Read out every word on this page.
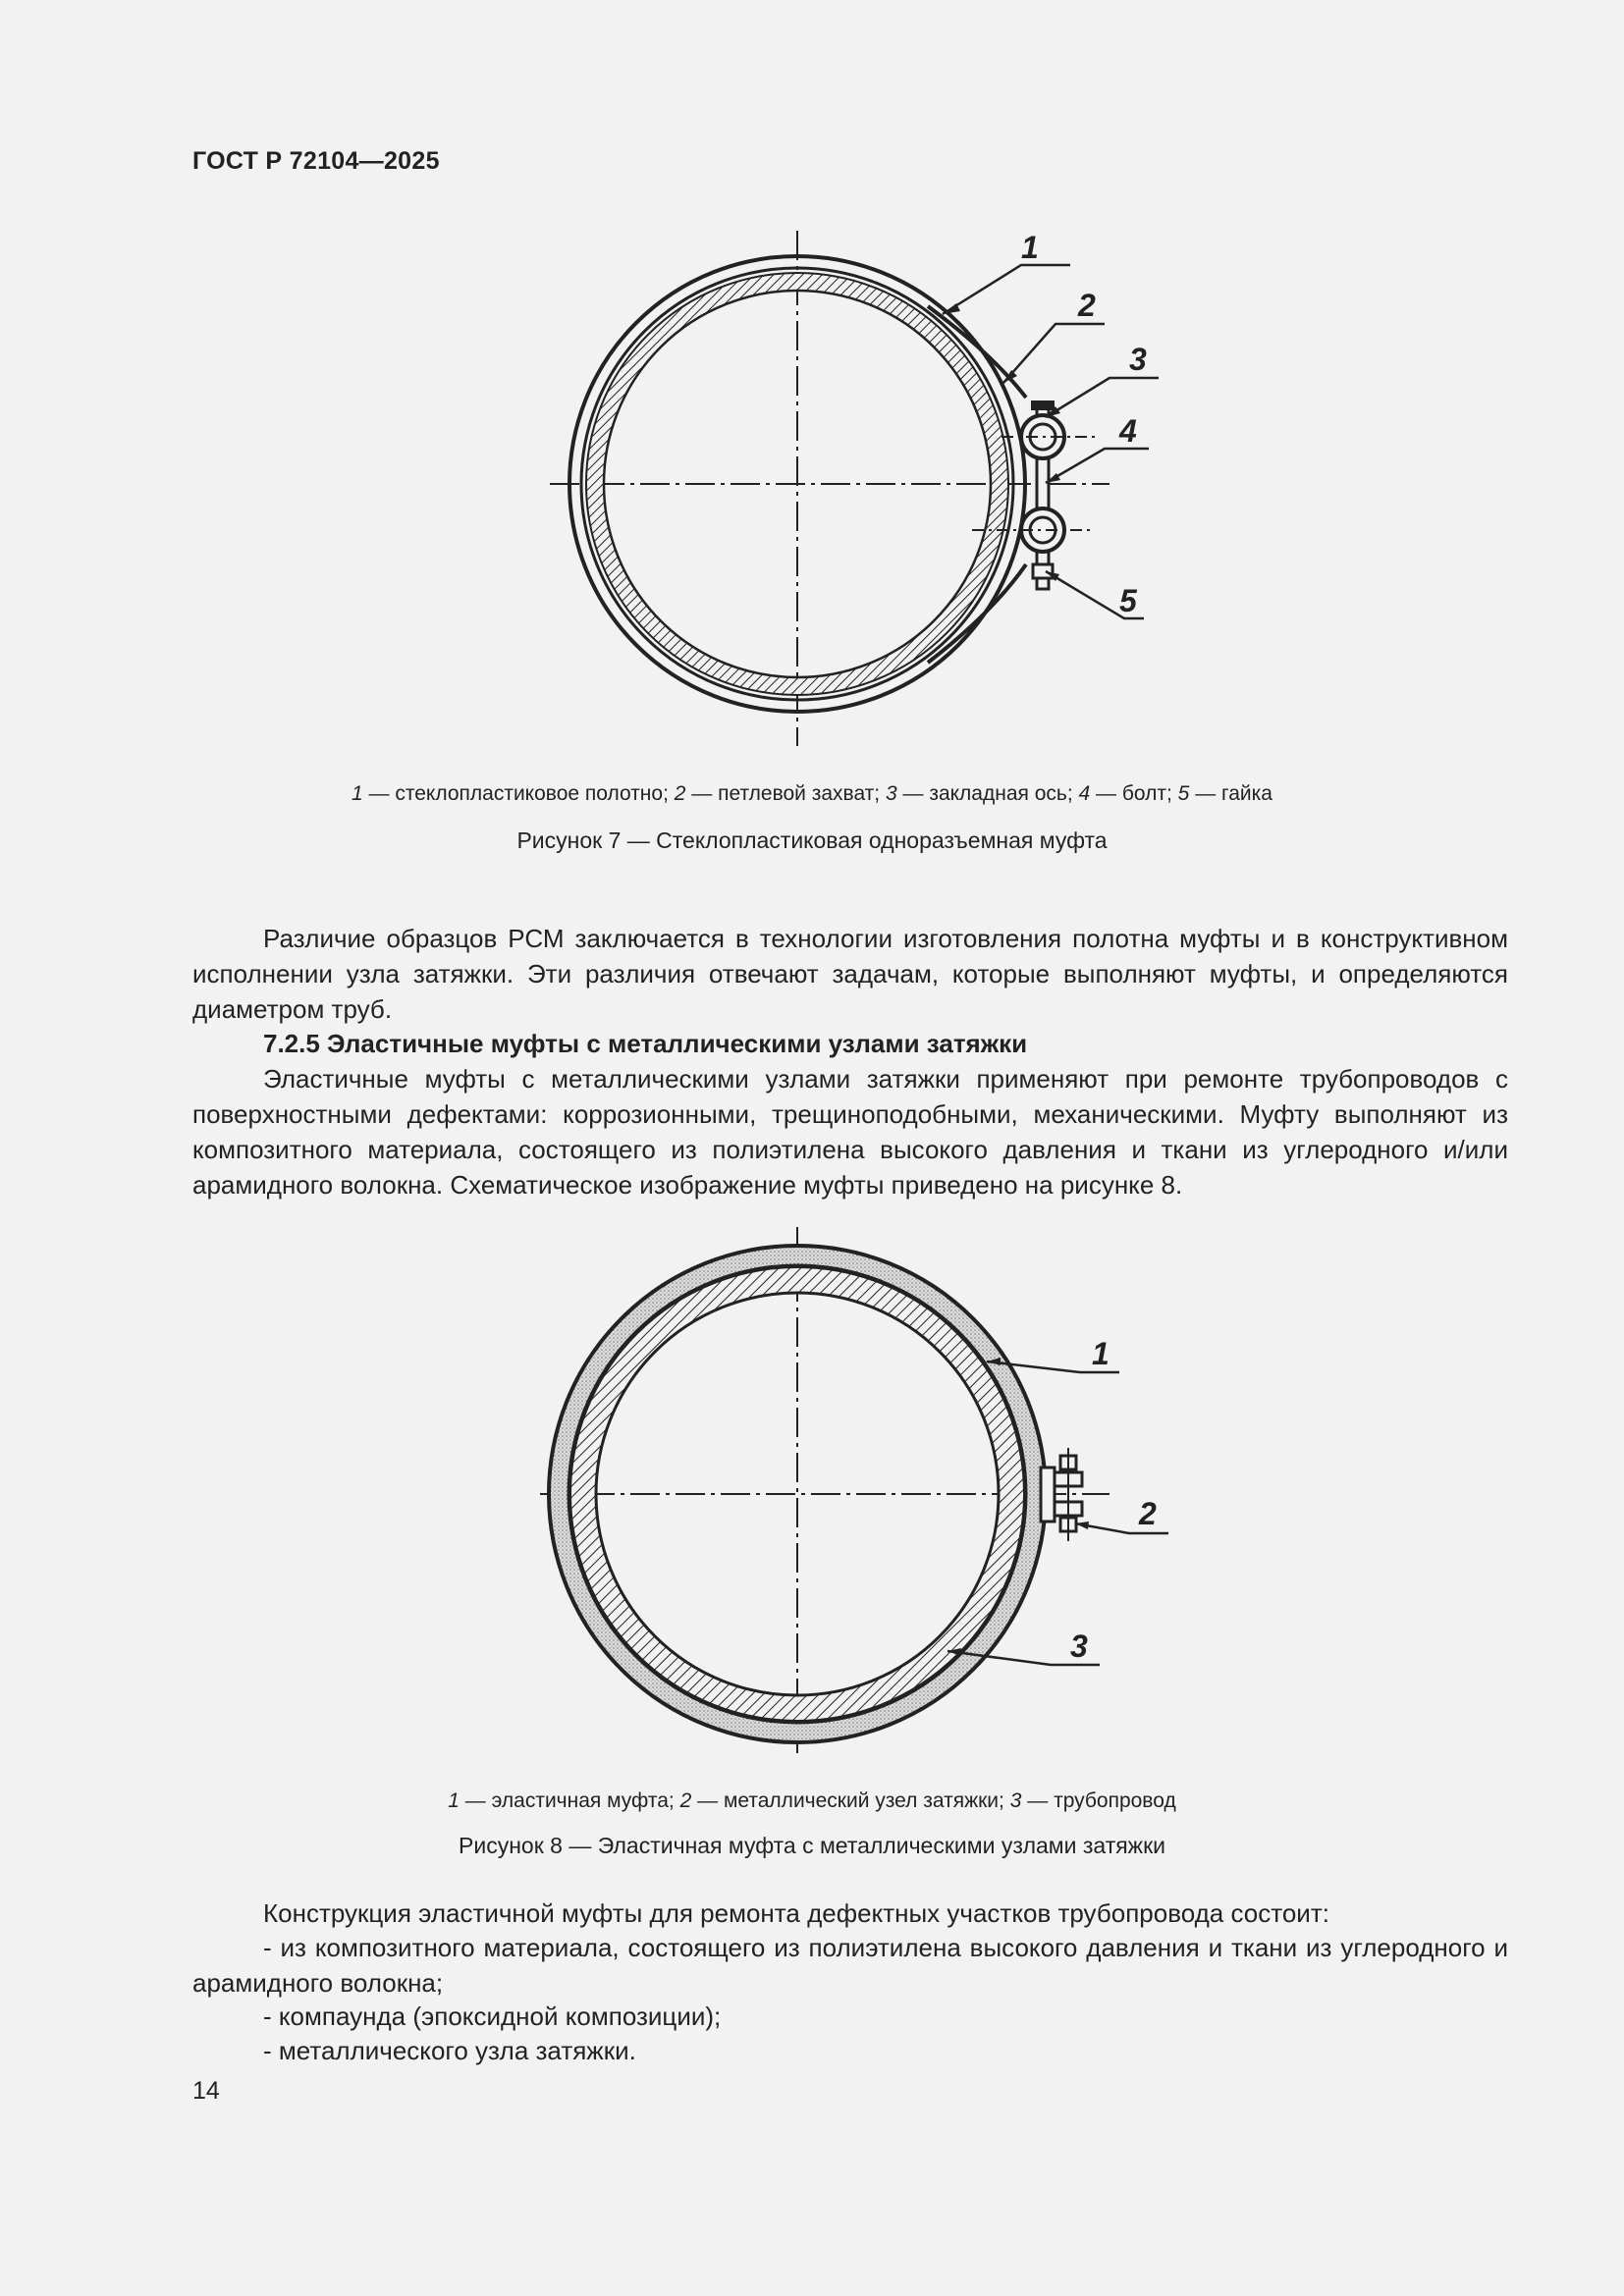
ГОСТ Р 72104—2025
1
2
3
4
5
1 — стеклопластиковое полотно; 2 — петлевой захват; 3 — закладная ось; 4 — болт; 5 — гайка
Рисунок 7 — Стеклопластиковая одноразъемная муфта

Различие образцов РСМ заключается в технологии изготовления полотна муфты и в конструктивном исполнении узла затяжки. Эти различия отвечают задачам, которые выполняют муфты, и определяются диаметром труб.

7.2.5 Эластичные муфты с металлическими узлами затяжки

Эластичные муфты с металлическими узлами затяжки применяют при ремонте трубопроводов с поверхностными дефектами: коррозионными, трещиноподобными, механическими. Муфту выполняют из композитного материала, состоящего из полиэтилена высокого давления и ткани из углеродного и/или арамидного волокна. Схематическое изображение муфты приведено на рисунке 8.

1
2
3
1 — эластичная муфта; 2 — металлический узел затяжки; 3 — трубопровод
Рисунок 8 — Эластичная муфта с металлическими узлами затяжки

Конструкция эластичной муфты для ремонта дефектных участков трубопровода состоит:

- из композитного материала, состоящего из полиэтилена высокого давления и ткани из углеродного и арамидного волокна;

- компаунда (эпоксидной композиции);

- металлического узла затяжки.

14
